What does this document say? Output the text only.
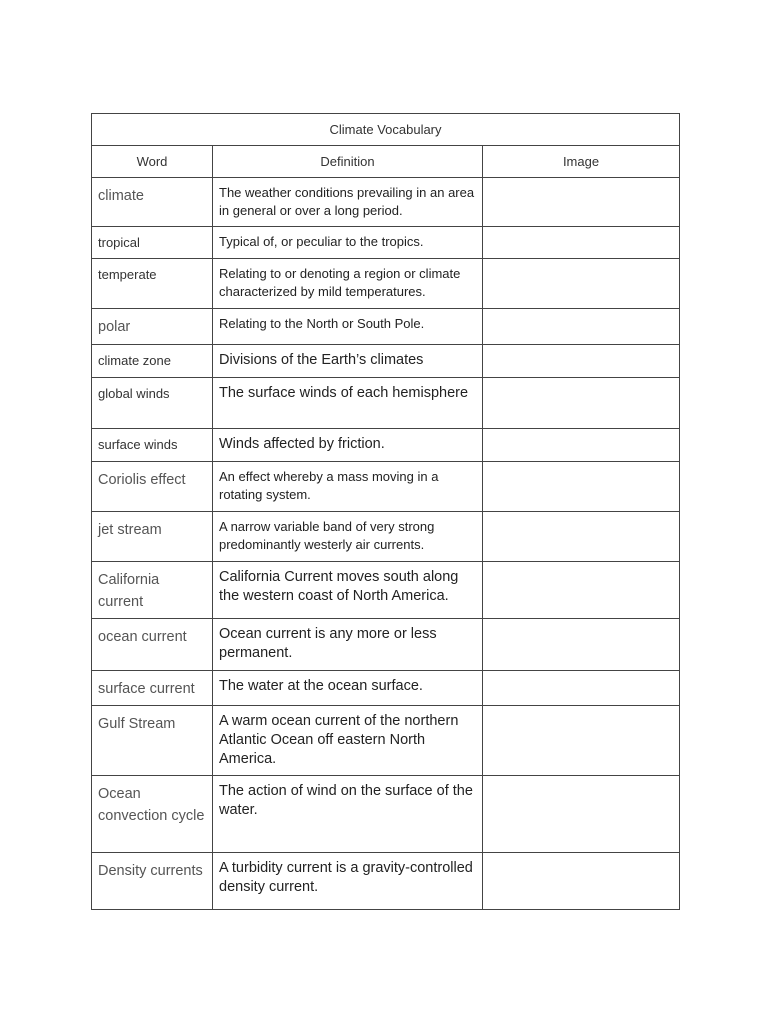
Climate Vocabulary		
Word	Definition	Image
climate	The weather conditions prevailing in an area in general or over a long period.	
tropical	Typical of, or peculiar to the tropics.	
temperate	Relating to or denoting a region or climate characterized by mild temperatures.	
polar	Relating to the North or South Pole.	
climate zone	Divisions of the Earth’s climates	
global winds	The surface winds of each hemisphere	
surface winds	Winds affected by friction.	
Coriolis effect	An effect whereby a mass moving in a rotating system.	
jet stream	A narrow variable band of very strong predominantly westerly air currents.	
California current	California Current moves south along the western coast of North America.	
ocean current	Ocean current is any more or less permanent.	
surface current	The water at the ocean surface.	
Gulf Stream	A warm ocean current of the northern Atlantic Ocean off eastern North America.	
Ocean convection cycle	The action of wind on the surface of the water.	
Density currents	A turbidity current is a gravity-controlled density current.	
